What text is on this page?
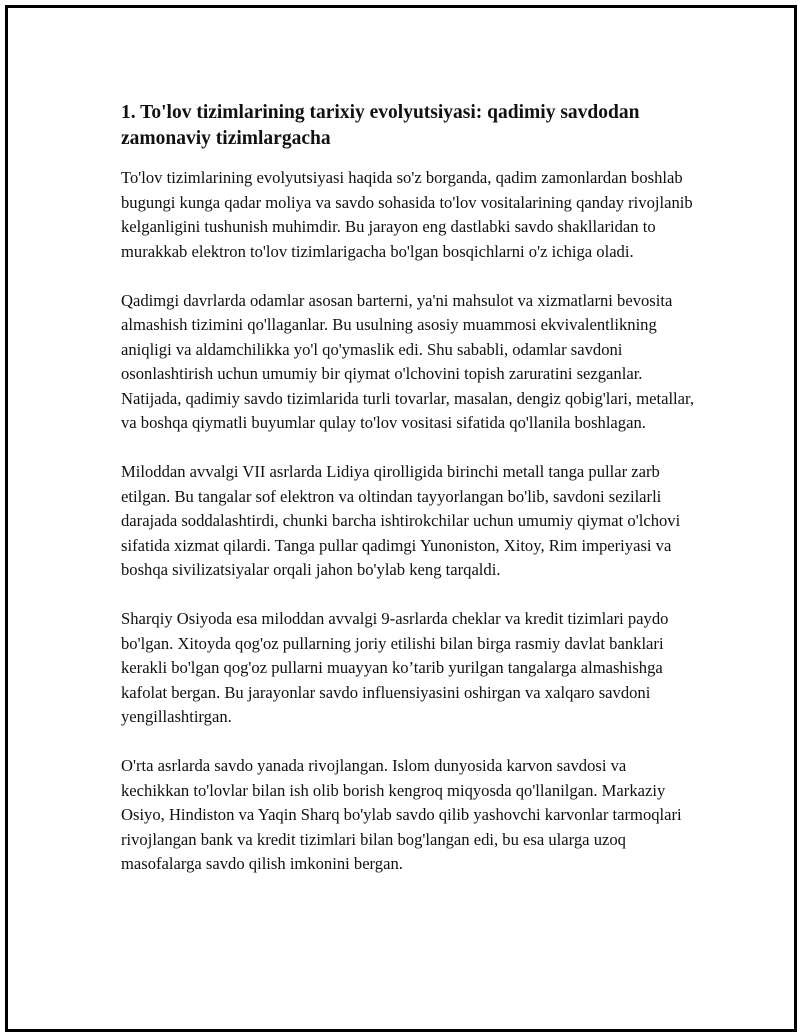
1. To'lov tizimlarining tarixiy evolyutsiyasi: qadimiy savdodan zamonaviy tizimlargacha

To'lov tizimlarining evolyutsiyasi haqida so'z borganda, qadim zamonlardan boshlab bugungi kunga qadar moliya va savdo sohasida to'lov vositalarining qanday rivojlanib kelganligini tushunish muhimdir. Bu jarayon eng dastlabki savdo shakllaridan to murakkab elektron to'lov tizimlarigacha bo'lgan bosqichlarni o'z ichiga oladi.

Qadimgi davrlarda odamlar asosan barterni, ya'ni mahsulot va xizmatlarni bevosita almashish tizimini qo'llaganlar. Bu usulning asosiy muammosi ekvivalentlikning aniqligi va aldamchilikka yo'l qo'ymaslik edi. Shu sababli, odamlar savdoni osonlashtirish uchun umumiy bir qiymat o'lchovini topish zaruratini sezganlar. Natijada, qadimiy savdo tizimlarida turli tovarlar, masalan, dengiz qobig'lari, metallar, va boshqa qiymatli buyumlar qulay to'lov vositasi sifatida qo'llanila boshlagan.

Miloddan avvalgi VII asrlarda Lidiya qirolligida birinchi metall tanga pullar zarb etilgan. Bu tangalar sof elektron va oltindan tayyorlangan bo'lib, savdoni sezilarli darajada soddalashtirdi, chunki barcha ishtirokchilar uchun umumiy qiymat o'lchovi sifatida xizmat qilardi. Tanga pullar qadimgi Yunoniston, Xitoy, Rim imperiyasi va boshqa sivilizatsiyalar orqali jahon bo'ylab keng tarqaldi.

Sharqiy Osiyoda esa miloddan avvalgi 9-asrlarda cheklar va kredit tizimlari paydo bo'lgan. Xitoyda qog'oz pullarning joriy etilishi bilan birga rasmiy davlat banklari kerakli bo'lgan qog'oz pullarni muayyan ko’tarib yurilgan tangalarga almashishga kafolat bergan. Bu jarayonlar savdo influensiyasini oshirgan va xalqaro savdoni yengillashtirgan.

O'rta asrlarda savdo yanada rivojlangan. Islom dunyosida karvon savdosi va kechikkan to'lovlar bilan ish olib borish kengroq miqyosda qo'llanilgan. Markaziy Osiyo, Hindiston va Yaqin Sharq bo'ylab savdo qilib yashovchi karvonlar tarmoqlari rivojlangan bank va kredit tizimlari bilan bog'langan edi, bu esa ularga uzoq masofalarga savdo qilish imkonini bergan.
